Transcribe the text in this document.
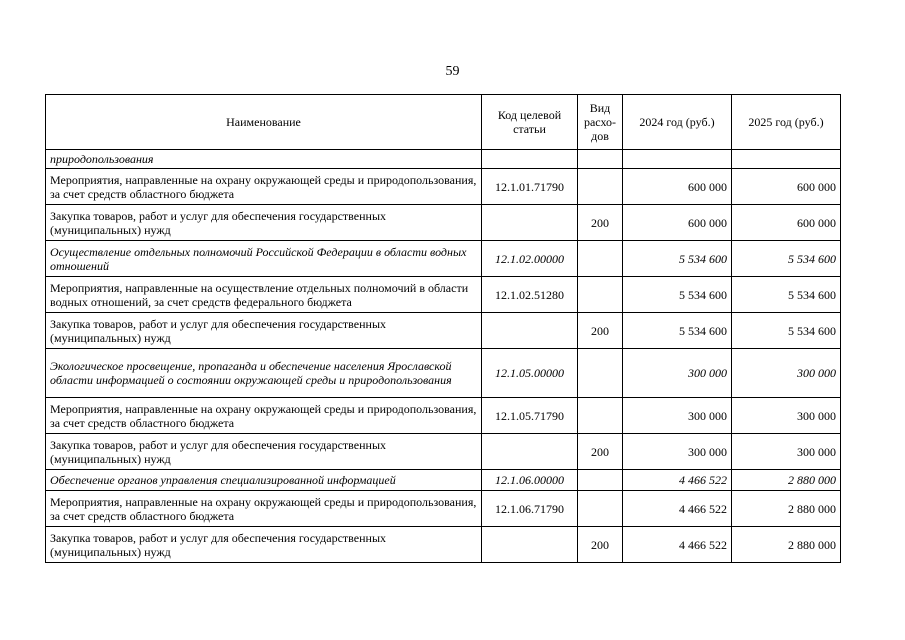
59
Наименование	Код целевой статьи	Вид расхо-дов	2024 год (руб.)	2025 год (руб.)
природопользования				
Мероприятия, направленные на охрану окружающей среды и природопользования, за счет средств областного бюджета	12.1.01.71790		600 000	600 000
Закупка товаров, работ и услуг для обеспечения государственных (муниципальных) нужд		200	600 000	600 000
Осуществление отдельных полномочий Российской Федерации в области водных отношений	12.1.02.00000		5 534 600	5 534 600
Мероприятия, направленные на осуществление отдельных полномочий в области водных отношений, за счет средств федерального бюджета	12.1.02.51280		5 534 600	5 534 600
Закупка товаров, работ и услуг для обеспечения государственных (муниципальных) нужд		200	5 534 600	5 534 600
Экологическое просвещение, пропаганда и обеспечение населения Ярославской области информацией о состоянии окружающей среды и природопользования	12.1.05.00000		300 000	300 000
Мероприятия, направленные на охрану окружающей среды и природопользования, за счет средств областного бюджета	12.1.05.71790		300 000	300 000
Закупка товаров, работ и услуг для обеспечения государственных (муниципальных) нужд		200	300 000	300 000
Обеспечение органов управления специализированной информацией	12.1.06.00000		4 466 522	2 880 000
Мероприятия, направленные на охрану окружающей среды и природопользования, за счет средств областного бюджета	12.1.06.71790		4 466 522	2 880 000
Закупка товаров, работ и услуг для обеспечения государственных (муниципальных) нужд		200	4 466 522	2 880 000
